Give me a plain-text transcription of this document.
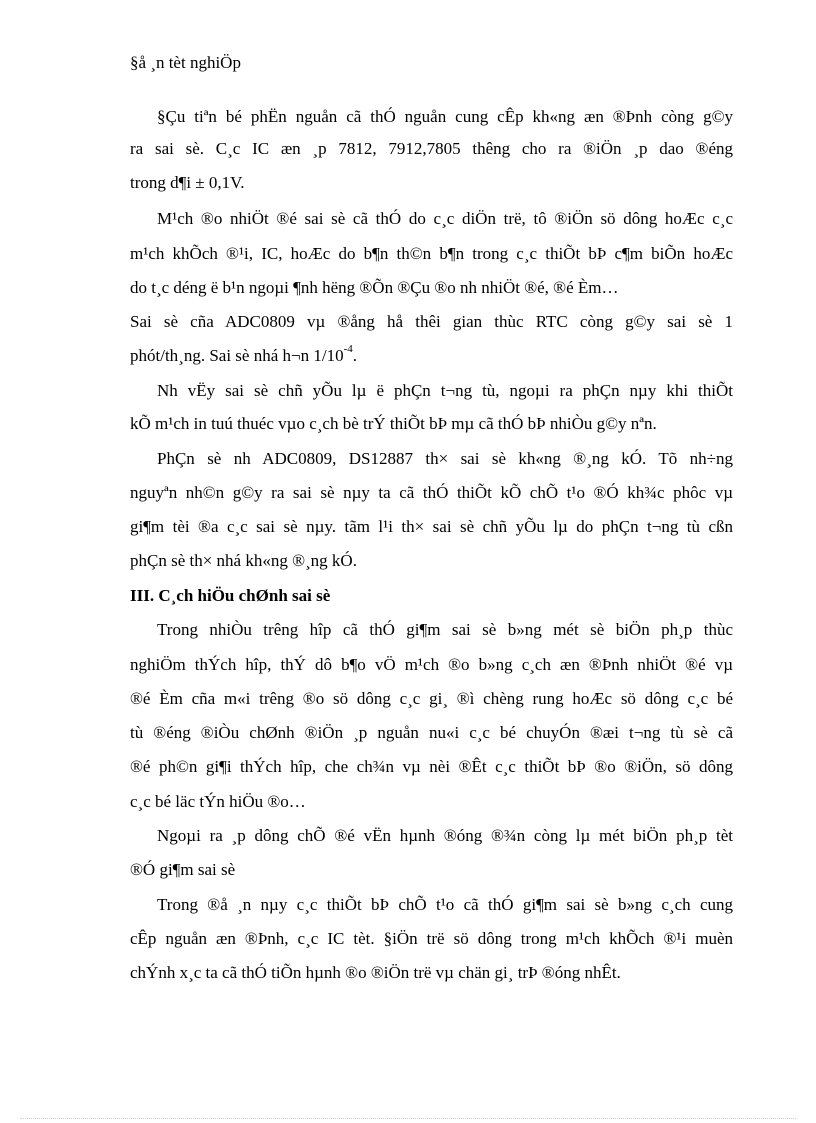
§å ¸n tèt nghiÖp
§Çu tiªn bé phËn nguån cã thÓ nguån cung cÊp kh«ng æn ®Þnh còng g©y
ra sai sè. C¸c IC æn ¸p 7812, 7912,7805 thêng cho ra ®iÖn ¸p dao ®éng
trong d¶i ± 0,1V.
M¹ch ®o nhiÖt ®é sai sè cã thÓ do c¸c diÖn trë, tô ®iÖn sö dông hoÆc c¸c
m¹ch khÕch ®¹i, IC, hoÆc do b¶n th©n b¶n trong c¸c thiÕt bÞ c¶m biÕn hoÆc
do t¸c déng ë b¹n ngoµi ¶nh hëng ®Õn ®Çu ®o nh nhiÖt ®é, ®é Èm…
Sai sè cña ADC0809 vµ ®ång hå thêi gian thùc RTC còng g©y sai sè 1
phót/th¸ng. Sai sè nhá h¬n $1/10^{-4}$.
Nh vËy sai sè chñ yÕu lµ ë phÇn t¬ng tù, ngoµi ra phÇn nµy khi thiÕt
kÕ m¹ch in tuú thuéc vµo c¸ch bè trÝ thiÕt bÞ mµ cã thÓ bÞ nhiÒu g©y nªn.
PhÇn sè nh ADC0809, DS12887 th× sai sè kh«ng ®¸ng kÓ. Tõ nh÷ng
nguyªn nh©n g©y ra sai sè nµy ta cã thÓ thiÕt kÕ chÕ t¹o ®Ó kh¾c phôc vµ
gi¶m tèi ®a c¸c sai sè nµy. tãm l¹i th× sai sè chñ yÕu lµ do phÇn t¬ng tù cßn
phÇn sè th× nhá kh«ng ®¸ng kÓ.
III. C¸ch hiÖu chØnh sai sè
Trong nhiÒu trêng hîp cã thÓ gi¶m sai sè b»ng mét sè biÖn ph¸p thùc
nghiÖm thÝch hîp, thÝ dô b¶o vÖ m¹ch ®o b»ng c¸ch æn ®Þnh nhiÖt ®é vµ
®é Èm cña m«i trêng ®o sö dông c¸c gi¸ ®ì chèng rung hoÆc sö dông c¸c bé
tù ®éng ®iÒu chØnh ®iÖn ¸p nguån nu«i c¸c bé chuyÓn ®æi t¬ng tù sè cã
®é ph©n gi¶i thÝch hîp, che ch¾n vµ nèi ®Êt c¸c thiÕt bÞ ®o ®iÖn, sö dông
c¸c bé läc tÝn hiÖu ®o…
Ngoµi ra ¸p dông chÕ ®é vËn hµnh ®óng ®¾n còng lµ mét biÖn ph¸p tèt
®Ó gi¶m sai sè
Trong ®å ¸n nµy c¸c thiÕt bÞ chÕ t¹o cã thÓ gi¶m sai sè b»ng c¸ch cung
cÊp nguån æn ®Þnh, c¸c IC tèt. §iÖn trë sö dông trong m¹ch khÕch ®¹i muèn
chÝnh x¸c ta cã thÓ tiÕn hµnh ®o ®iÖn trë vµ chän gi¸ trÞ ®óng nhÊt.
